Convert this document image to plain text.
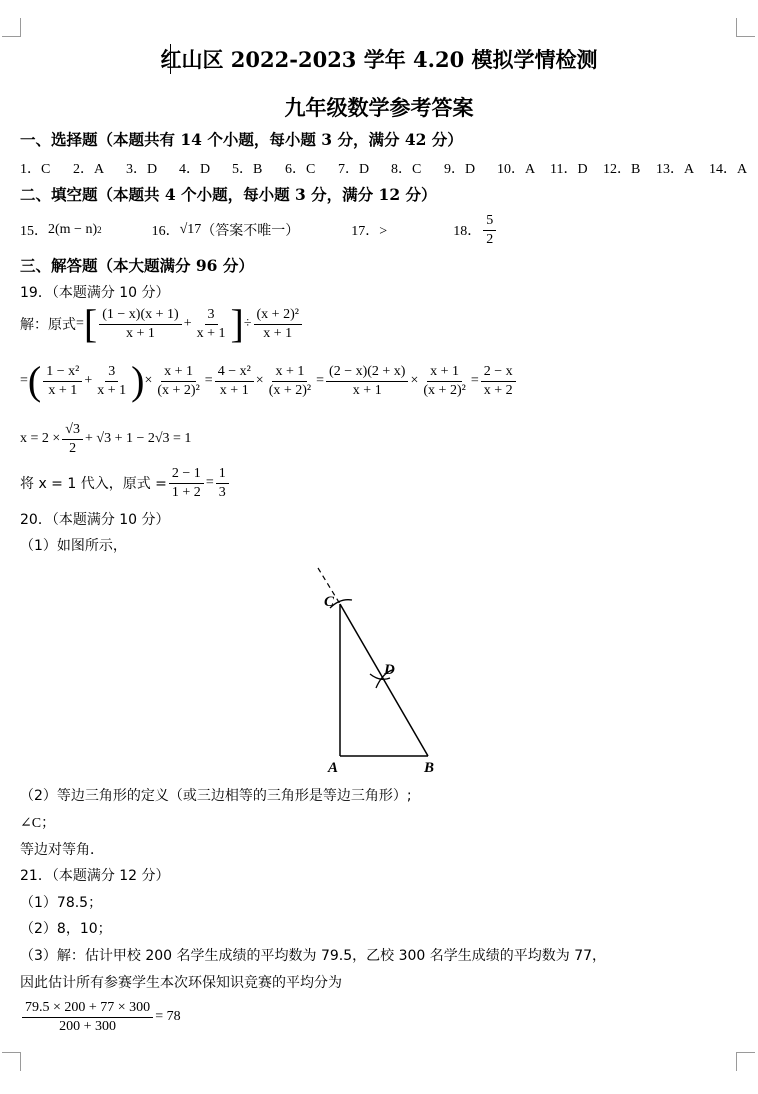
红山区 2022-2023 学年 4.20 模拟学情检测
九年级数学参考答案
一、选择题（本题共有 14 个小题，每小题 3 分，满分 42 分）
1．C 2．A 3．D 4．D 5．B 6．C 7．D 8．C 9．D 10．A 11．D 12．B 13．A 14．A
二、填空题（本题共 4 个小题，每小题 3 分，满分 12 分）
15． 2(m − n) 2	16． √17 （答案不唯一）	17．>	18． $\frac{5}{2}$
三、解答题（本大题满分 96 分）
19．（本题满分 10 分）
解：原式 = [ $\frac{(1 - x)(x + 1)}{x + 1} + \frac{3}{x + 1}$ ] ÷ $\frac{\text{(x + 2)²}}{x + 1}$
= ( $\frac{\text{1 − x²}}{x + 1} + \frac{3}{x + 1}$ ) × $\frac{x + 1}{\text{(x + 2)²}} = \frac{\text{4 − x²}}{x + 1} \times \frac{x + 1}{\text{(x + 2)²}} = \frac{(2 - x)(2 + x)}{x + 1} \times \frac{x + 1}{\text{(x + 2)²}} = \frac{2 - x}{x + 2}$
$x = 2 \times \frac{√3}{2} + √3 + 1 - 2√3 = 1$
将 x = 1 代入，原式 = $\frac{2 - 1}{1 + 2} = \frac{1}{3}$
20．（本题满分 10 分）
（1）如图所示，
C
D
A	B
（2）等边三角形的定义（或三边相等的三角形是等边三角形）;
∠C；
等边对等角．
21．（本题满分 12 分）
（1）78.5；
（2）8，10；
（3）解：估计甲校 200 名学生成绩的平均数为 79.5，乙校 300 名学生成绩的平均数为 77，
因此估计所有参赛学生本次环保知识竞赛的平均分为
$\frac{79.5 \times 200 + 77 \times 300}{200 + 300} = 78$
